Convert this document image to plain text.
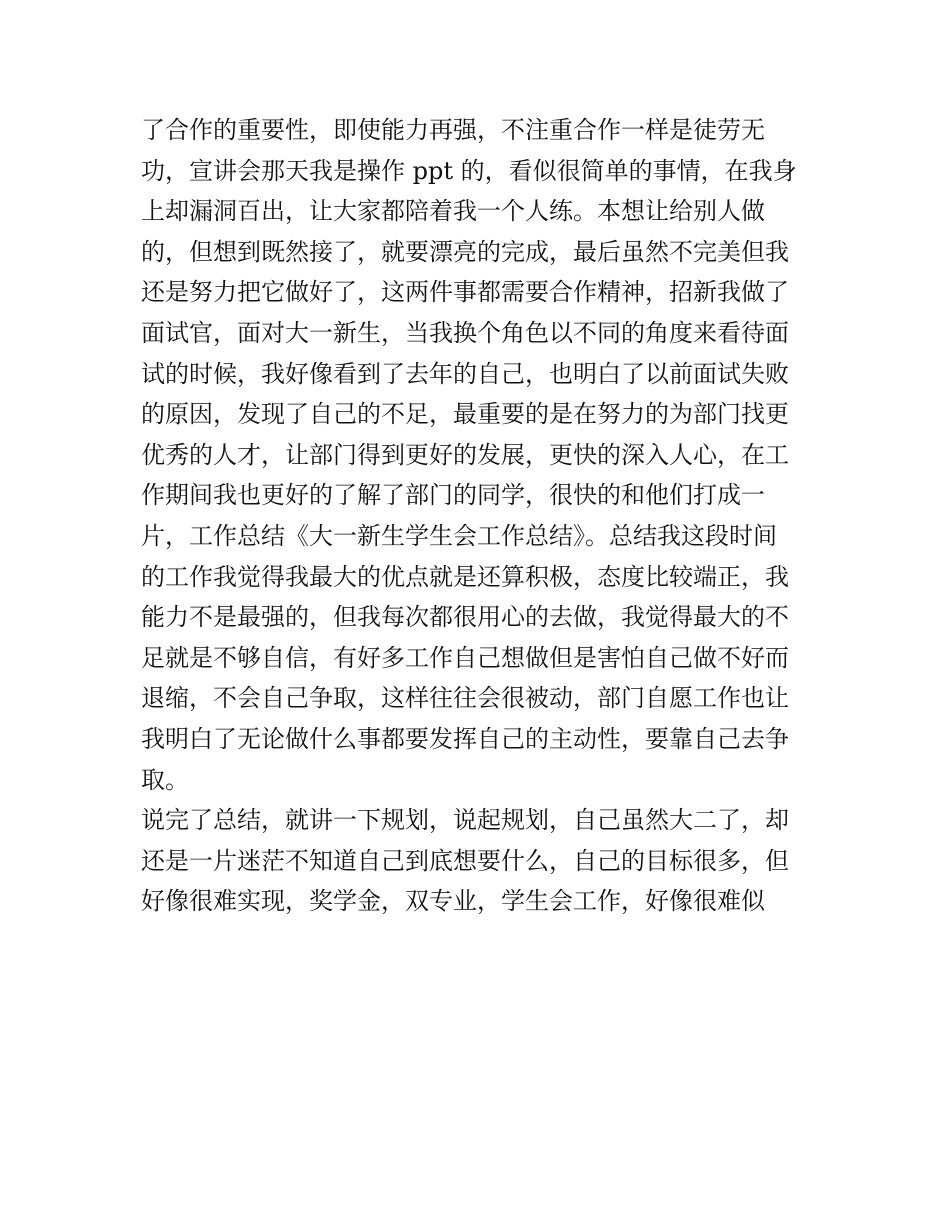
了合作的重要性，即使能力再强，不注重合作一样是徒劳无
功，宣讲会那天我是操作 ppt 的，看似很简单的事情，在我身
上却漏洞百出，让大家都陪着我一个人练。本想让给别人做
的，但想到既然接了，就要漂亮的完成，最后虽然不完美但我
还是努力把它做好了，这两件事都需要合作精神，招新我做了
面试官，面对大一新生，当我换个角色以不同的角度来看待面
试的时候，我好像看到了去年的自己，也明白了以前面试失败
的原因，发现了自己的不足，最重要的是在努力的为部门找更
优秀的人才，让部门得到更好的发展，更快的深入人心，在工
作期间我也更好的了解了部门的同学，很快的和他们打成一
片，工作总结《大一新生学生会工作总结》。总结我这段时间
的工作我觉得我最大的优点就是还算积极，态度比较端正，我
能力不是最强的，但我每次都很用心的去做，我觉得最大的不
足就是不够自信，有好多工作自己想做但是害怕自己做不好而
退缩，不会自己争取，这样往往会很被动，部门自愿工作也让
我明白了无论做什么事都要发挥自己的主动性，要靠自己去争
取。
说完了总结，就讲一下规划，说起规划，自己虽然大二了，却
还是一片迷茫不知道自己到底想要什么，自己的目标很多，但
好像很难实现，奖学金，双专业，学生会工作，好像很难似
